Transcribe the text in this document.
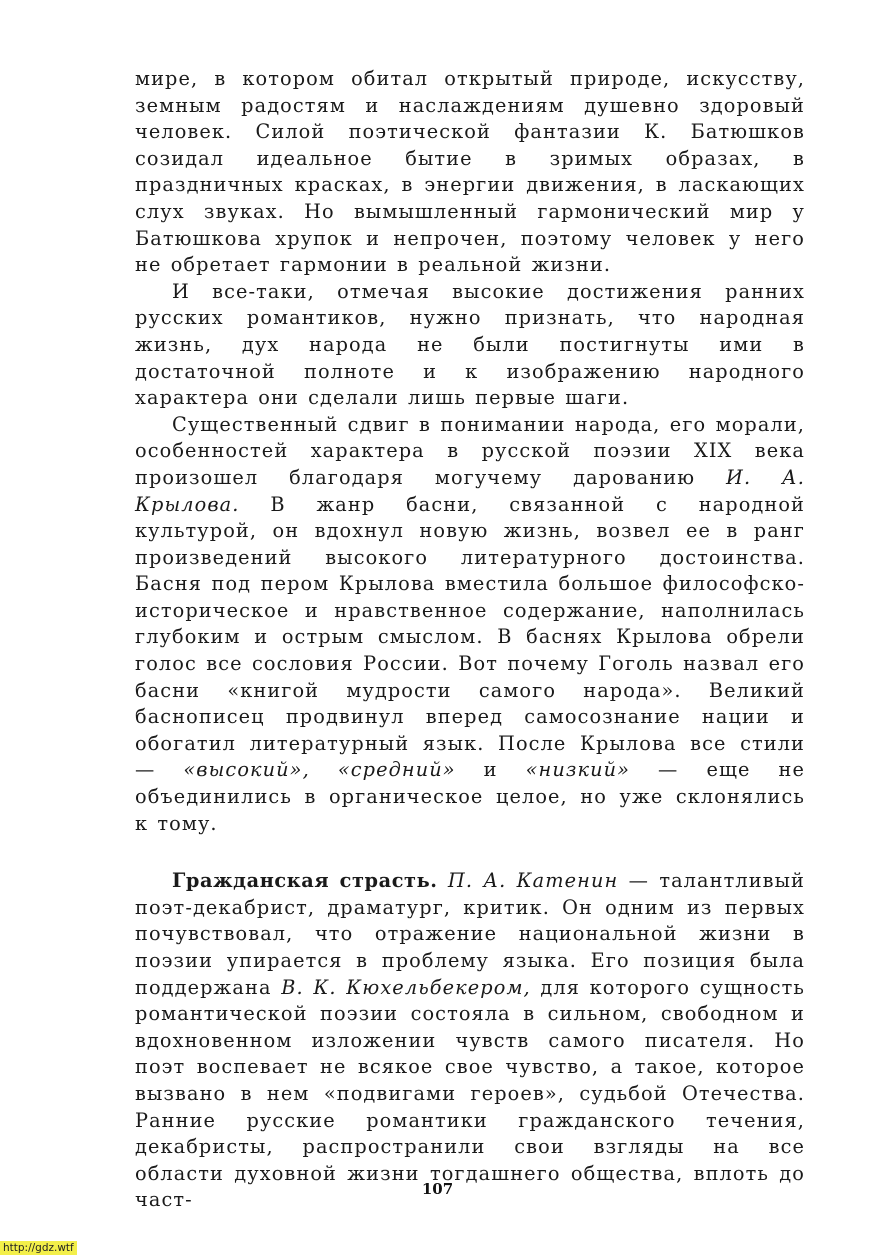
мире, в котором обитал открытый природе, искусству, земным радостям и наслаждениям душевно здоровый человек. Силой поэтической фантазии К. Батюшков созидал идеальное бытие в зримых образах, в праздничных красках, в энергии движения, в ласкающих слух звуках. Но вымышленный гармонический мир у Батюшкова хрупок и непрочен, поэтому человек у него не обретает гармонии в реальной жизни.

И все-таки, отмечая высокие достижения ранних русских романтиков, нужно признать, что народная жизнь, дух народа не были постигнуты ими в достаточной полноте и к изображению народного характера они сделали лишь первые шаги.

Существенный сдвиг в понимании народа, его морали, особенностей характера в русской поэзии XIX века произошел благодаря могучему дарованию И. А. Крылова. В жанр басни, связанной с народной культурой, он вдохнул новую жизнь, возвел ее в ранг произведений высокого литературного достоинства. Басня под пером Крылова вместила большое философско-историческое и нравственное содержание, наполнилась глубоким и острым смыслом. В баснях Крылова обрели голос все сословия России. Вот почему Гоголь назвал его басни «книгой мудрости самого народа». Великий баснописец продвинул вперед самосознание нации и обогатил литературный язык. После Крылова все стили — «высокий», «средний» и «низкий» — еще не объединились в органическое целое, но уже склонялись к тому.

Гражданская страсть. П. А. Катенин — талантливый поэт-декабрист, драматург, критик. Он одним из первых почувствовал, что отражение национальной жизни в поэзии упирается в проблему языка. Его позиция была поддержана В. К. Кюхельбекером, для которого сущность романтической поэзии состояла в сильном, свободном и вдохновенном изложении чувств самого писателя. Но поэт воспевает не всякое свое чувство, а такое, которое вызвано в нем «подвигами героев», судьбой Отечества. Ранние русские романтики гражданского течения, декабристы, распространили свои взгляды на все области духовной жизни тогдашнего общества, вплоть до част-	107
http://gdz.wtf
